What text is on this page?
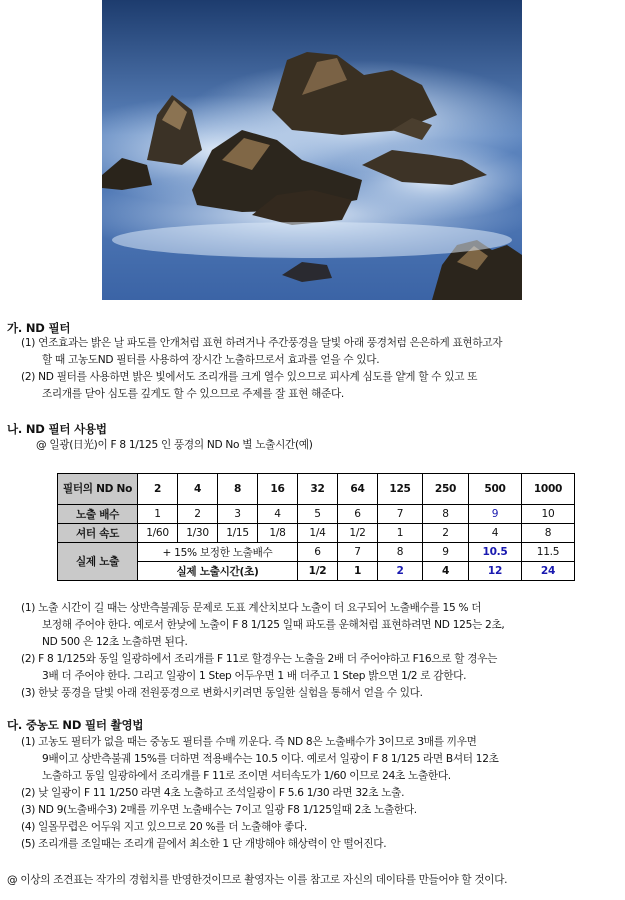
가. ND 필터
(1) 연조효과는 밝은 날 파도를 안개처럼 표현 하려거나 주간풍경을 달빛 아래 풍경처럼 은은하게 표현하고자
할 때 고농도ND 필터를 사용하여 장시간 노출하므로서 효과를 얻을 수 있다.
(2) ND 필터를 사용하면 밝은 빛에서도 조리개를 크게 열수 있으므로 피사계 심도를 얕게 할 수 있고 또
조리개를 닫아 심도를 깊게도 할 수 있으므로 주제를 잘 표현 해준다.
나. ND 필터 사용법
@ 일광(日光)이 F 8 1/125 인 풍경의 ND No 별 노출시간(예)
필터의 ND No	2	4	8	16	32	64	125	250	500	1000
노출 배수	1	2	3	4	5	6	7	8	9	10
셔터 속도	1/60	1/30	1/15	1/8	1/4	1/2	1	2	4	8
실제 노출	+ 15% 보정한 노출배수				6	7	8	9	10.5	11.5
	실제 노출시간(초)				1/2	1	2	4	12	24
(1) 노출 시간이 길 때는 상반측불궤등 문제로 도표 계산치보다 노출이 더 요구되어 노출배수를 15 % 더
보정해 주어야 한다. 예로서 한낮에 노출이 F 8 1/125 일때 파도를 운해처럼 표현하려면 ND 125는 2초,
ND 500 은 12초 노출하면 된다.
(2) F 8 1/125와 동일 일광하에서 조리개를 F 11로 할경우는 노출을 2배 더 주어야하고 F16으로 할 경우는
3배 더 주어야 한다. 그리고 일광이 1 Step 어두우면 1 배 더주고 1 Step 밝으면 1/2 로 감한다.
(3) 한낮 풍경을 달빛 아래 전원풍경으로 변화시키려면 동일한 실험을 통해서 얻을 수 있다.
다. 중농도 ND 필터 촬영법
(1) 고농도 필터가 없을 때는 중농도 필터를 수매 끼운다. 즉 ND 8은 노출배수가 3이므로 3매를 끼우면
9배이고 상반측불궤 15%를 더하면 적용배수는 10.5 이다. 예로서 일광이 F 8 1/125 라면 B셔터 12초
노출하고 동일 일광하에서 조리개를 F 11로 조이면 셔터속도가 1/60 이므로 24초 노출한다.
(2) 낮 일광이 F 11 1/250 라면 4초 노출하고 조석일광이 F 5.6 1/30 라면 32초 노출.
(3) ND 9(노출배수3) 2매를 끼우면 노출배수는 7이고 일광 F8 1/125일때 2초 노출한다.
(4) 일몰무렵은 어두워 지고 있으므로 20 %를 더 노출해야 좋다.
(5) 조리개를 조일때는 조리개 끝에서 최소한 1 단 개방해야 해상력이 안 떨어진다.
@ 이상의 조견표는 작가의 경험치를 반영한것이므로 촬영자는 이를 참고로 자신의 데이타를 만들어야 할 것이다.
